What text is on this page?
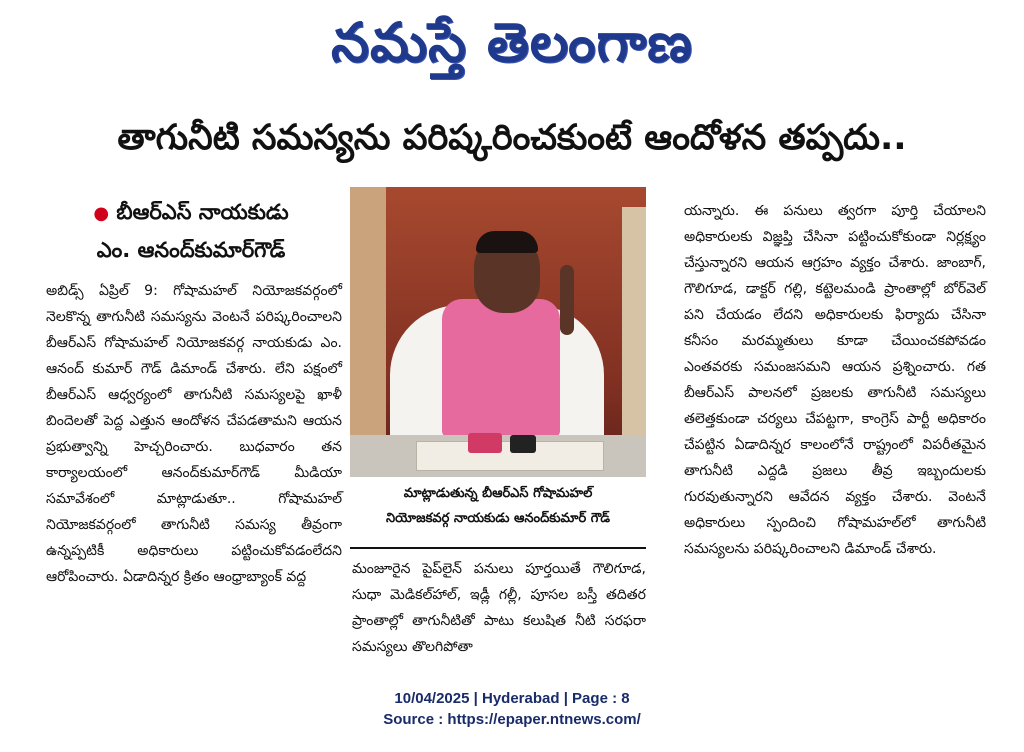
నమస్తే తెలంగాణ
తాగునీటి సమస్యను పరిష్కరించకుంటే ఆందోళన తప్పదు..
● బీఆర్‌ఎస్ నాయకుడు
ఎం. ఆనంద్‌కుమార్‌గౌడ్
అబిడ్స్ ఏప్రిల్ 9: గోషామహల్ నియోజకవర్గంలో నెలకొన్న తాగునీటి సమస్యను వెంటనే పరిష్కరించాలని బీఆర్‌ఎస్ గోషామహల్ నియోజకవర్గ నాయకుడు ఎం. ఆనంద్ కుమార్ గౌడ్ డిమాండ్ చేశారు. లేని పక్షంలో బీఆర్‌ఎస్ ఆధ్వర్యంలో తాగునీటి సమస్యలపై ఖాళీ బిందెలతో పెద్ద ఎత్తున ఆందోళన చేపడతామని ఆయన ప్రభుత్వాన్ని హెచ్చరించారు. బుధవారం తన కార్యాలయంలో ఆనంద్‌కుమార్‌గౌడ్ మీడియా సమావేశంలో మాట్లాడుతూ.. గోషామహల్ నియోజకవర్గంలో తాగునీటి సమస్య తీవ్రంగా ఉన్నప్పటికీ అధికారులు పట్టించుకోవడంలేదని ఆరోపించారు. ఏడాదిన్నర క్రితం ఆంధ్రాబ్యాంక్ వద్ద
మాట్లాడుతున్న బీఆర్‌ఎస్ గోషామహల్
నియోజకవర్గ నాయకుడు ఆనంద్‌కుమార్ గౌడ్
మంజూరైన పైప్‌లైన్ పనులు పూర్తయితే గౌలిగూడ, సుధా మెడికల్‌హాల్, ఇడ్లీ గల్లీ, పూసల బస్తీ తదితర ప్రాంతాల్లో తాగునీటితో పాటు కలుషిత నీటి సరఫరా సమస్యలు తొలగిపోతా
యన్నారు. ఈ పనులు త్వరగా పూర్తి చేయాలని అధికారులకు విజ్ఞప్తి చేసినా పట్టించుకోకుండా నిర్లక్ష్యం చేస్తున్నారని ఆయన ఆగ్రహం వ్యక్తం చేశారు. జాంబాగ్, గౌలిగూడ, డాక్టర్ గల్లి, కట్టెలమండి ప్రాంతాల్లో బోర్‌వెల్ పని చేయడం లేదని అధికారులకు ఫిర్యాదు చేసినా కనీసం మరమ్మతులు కూడా చేయించకపోవడం ఎంతవరకు సమంజసమని ఆయన ప్రశ్నించారు. గత బీఆర్‌ఎస్ పాలనలో ప్రజలకు తాగునీటి సమస్యలు తలెత్తకుండా చర్యలు చేపట్టగా, కాంగ్రెస్ పార్టీ అధికారం చేపట్టిన ఏడాదిన్నర కాలంలోనే రాష్ట్రంలో విపరీతమైన తాగునీటి ఎద్దడి ప్రజలు తీవ్ర ఇబ్బందులకు గురవుతున్నారని ఆవేదన వ్యక్తం చేశారు. వెంటనే అధికారులు స్పందించి గోషామహల్‌లో తాగునీటి సమస్యలను పరిష్కరించాలని డిమాండ్ చేశారు.
10/04/2025 | Hyderabad | Page : 8
Source : https://epaper.ntnews.com/
